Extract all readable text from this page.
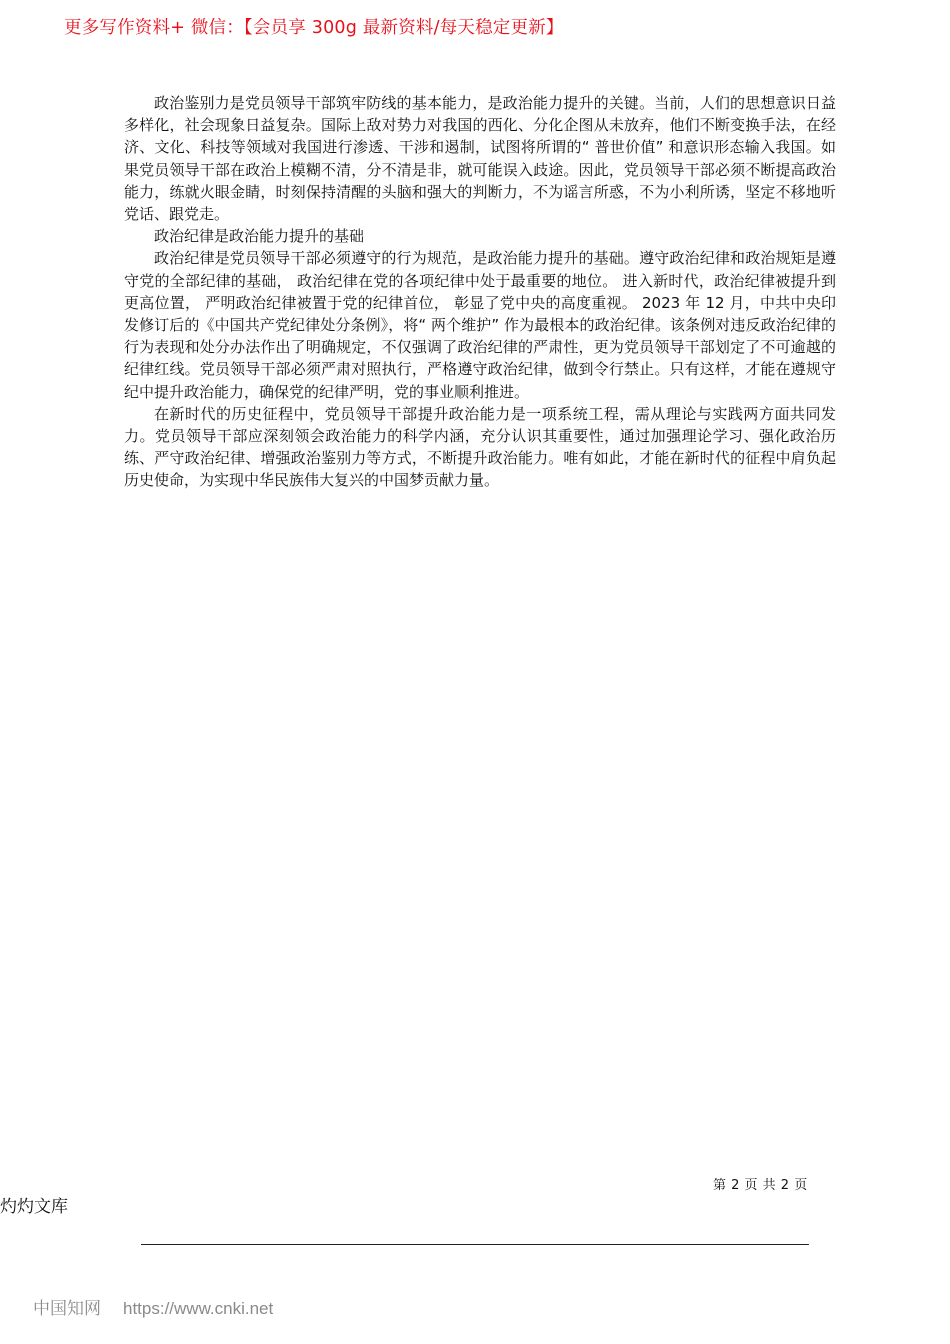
更多写作资料+ 微信：【会员享 300g 最新资料/每天稳定更新】

政治鉴别力是党员领导干部筑牢防线的基本能力，是政治能力提升的关键。当前，人们的思想意识日益多样化，社会现象日益复杂。国际上敌对势力对我国的西化、分化企图从未放弃，他们不断变换手法，在经济、文化、科技等领域对我国进行渗透、干涉和遏制，试图将所谓的“ 普世价值” 和意识形态输入我国。如果党员领导干部在政治上模糊不清，分不清是非，就可能误入歧途。因此，党员领导干部必须不断提高政治能力，练就火眼金睛，时刻保持清醒的头脑和强大的判断力，不为谣言所惑，不为小利所诱，坚定不移地听党话、跟党走。

政治纪律是政治能力提升的基础

政治纪律是党员领导干部必须遵守的行为规范，是政治能力提升的基础。遵守政治纪律和政治规矩是遵守党的全部纪律的基础， 政治纪律在党的各项纪律中处于最重要的地位。 进入新时代，政治纪律被提升到更高位置， 严明政治纪律被置于党的纪律首位， 彰显了党中央的高度重视。 2023 年 12 月，中共中央印发修订后的《中国共产党纪律处分条例》，将“ 两个维护” 作为最根本的政治纪律。该条例对违反政治纪律的行为表现和处分办法作出了明确规定，不仅强调了政治纪律的严肃性，更为党员领导干部划定了不可逾越的纪律红线。党员领导干部必须严肃对照执行，严格遵守政治纪律，做到令行禁止。只有这样，才能在遵规守纪中提升政治能力，确保党的纪律严明，党的事业顺利推进。

在新时代的历史征程中，党员领导干部提升政治能力是一项系统工程，需从理论与实践两方面共同发力。党员领导干部应深刻领会政治能力的科学内涵，充分认识其重要性，通过加强理论学习、强化政治历练、严守政治纪律、增强政治鉴别力等方式，不断提升政治能力。唯有如此，才能在新时代的征程中肩负起历史使命，为实现中华民族伟大复兴的中国梦贡献力量。

第 2 页 共 2 页
灼灼文库
中国知网 https://www.cnki.net
